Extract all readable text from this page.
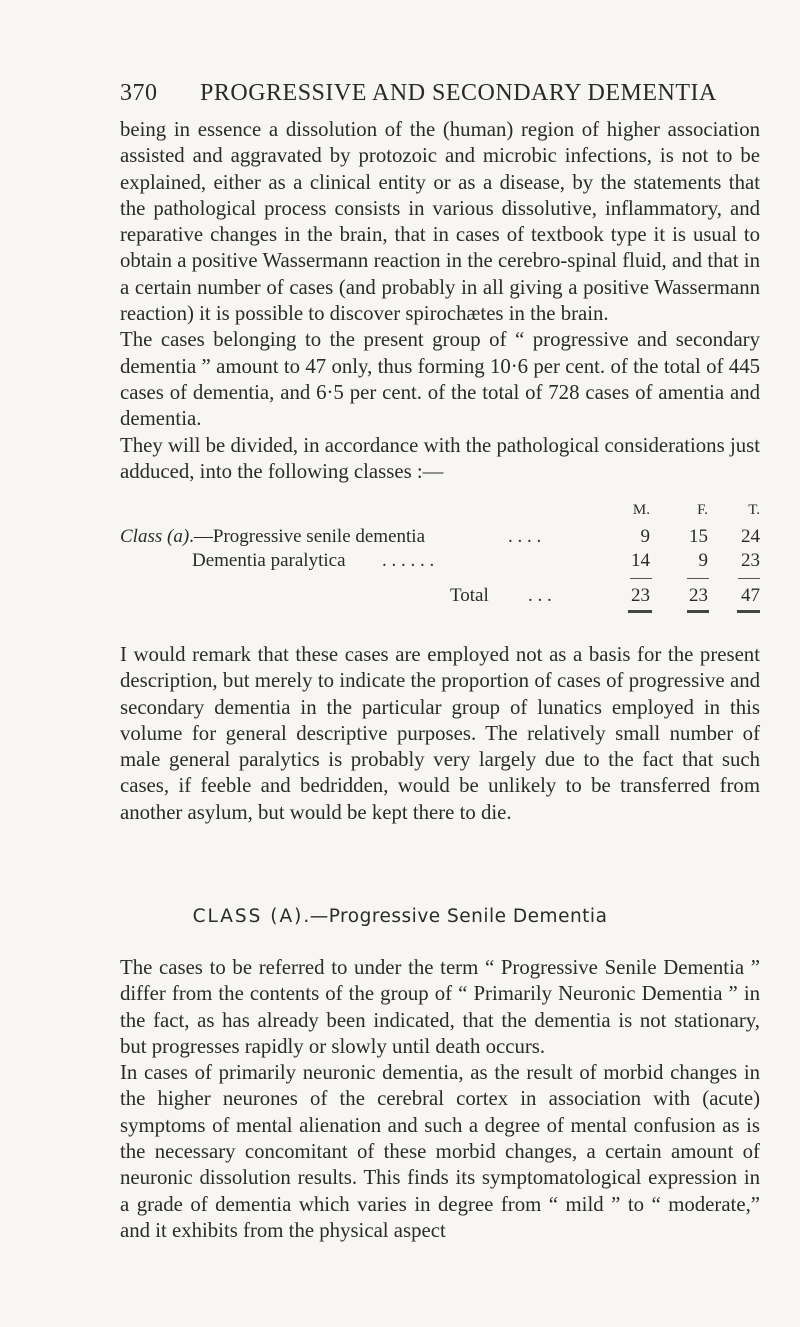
370 PROGRESSIVE AND SECONDARY DEMENTIA

being in essence a dissolution of the (human) region of higher association assisted and aggravated by protozoic and microbic infections, is not to be explained, either as a clinical entity or as a disease, by the statements that the pathological process consists in various dissolutive, inflammatory, and reparative changes in the brain, that in cases of textbook type it is usual to obtain a positive Wassermann reaction in the cerebro-spinal fluid, and that in a certain number of cases (and probably in all giving a positive Wassermann reaction) it is possible to discover spirochætes in the brain.

The cases belonging to the present group of “ progressive and secondary dementia ” amount to 47 only, thus forming 10·6 per cent. of the total of 445 cases of dementia, and 6·5 per cent. of the total of 728 cases of amentia and dementia.

They will be divided, in accordance with the pathological considerations just adduced, into the following classes :—

M.	F.	T.
Class (a).—Progressive senile dementia	. . . .	9	15	24
Dementia paralytica . . . . . .	14	9	23
Total . . .	23	23	47

I would remark that these cases are employed not as a basis for the present description, but merely to indicate the proportion of cases of progressive and secondary dementia in the particular group of lunatics employed in this volume for general descriptive purposes. The relatively small number of male general paralytics is probably very largely due to the fact that such cases, if feeble and bedridden, would be unlikely to be transferred from another asylum, but would be kept there to die.

CLASS (A).—Progressive Senile Dementia

The cases to be referred to under the term “ Progressive Senile Dementia ” differ from the contents of the group of “ Primarily Neuronic Dementia ” in the fact, as has already been indicated, that the dementia is not stationary, but progresses rapidly or slowly until death occurs.

In cases of primarily neuronic dementia, as the result of morbid changes in the higher neurones of the cerebral cortex in association with (acute) symptoms of mental alienation and such a degree of mental confusion as is the necessary concomitant of these morbid changes, a certain amount of neuronic dissolution results. This finds its symptomatological expression in a grade of dementia which varies in degree from “ mild ” to “ moderate,” and it exhibits from the physical aspect
